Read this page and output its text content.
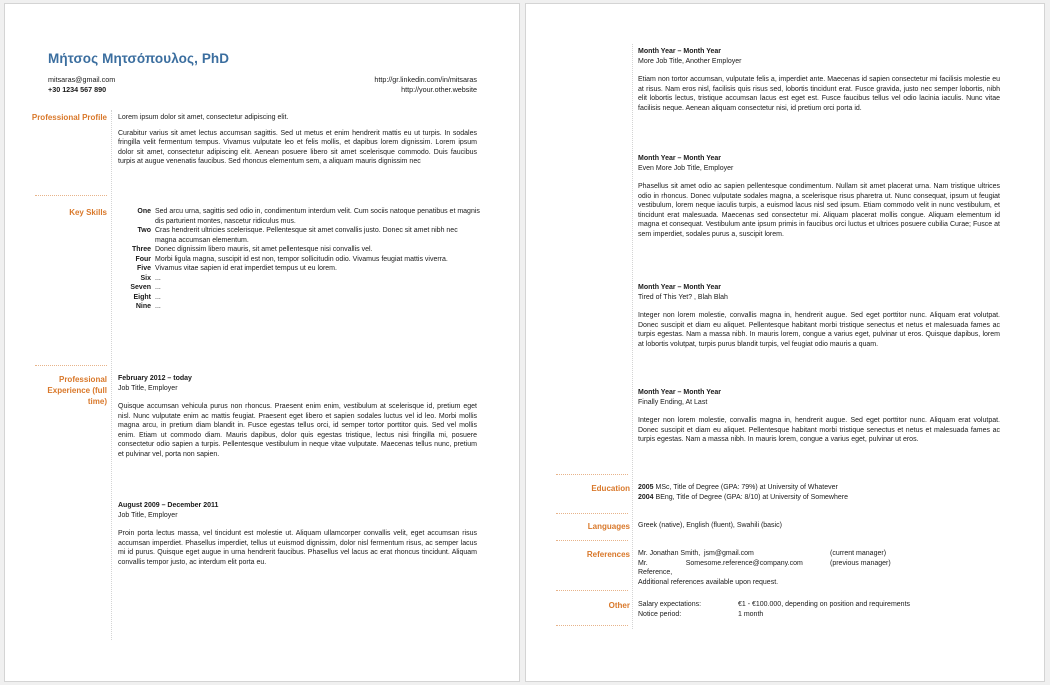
Μήτσος Μητσόπουλος, PhD
mitsaras@gmail.com
+30 1234 567 890
http://gr.linkedin.com/in/mitsaras
http://your.other.website
Professional Profile Lorem ipsum dolor sit amet, consectetur adipiscing elit.

Curabitur varius sit amet lectus accumsan sagittis. Sed ut metus et enim hendrerit mattis eu ut turpis. In sodales fringilla velit fermentum tempus. Vivamus vulputate leo et felis mollis, et dapibus lorem dignissim. Lorem ipsum dolor sit amet, consectetur adipiscing elit. Aenean posuere libero sit amet scelerisque commodo. Duis faucibus turpis at augue venenatis faucibus. Sed rhoncus elementum sem, a aliquam mauris dignissim nec

Key Skills	One Sed arcu urna, sagittis sed odio in, condimentum interdum velit. Cum sociis natoque penatibus et magnis dis parturient montes, nascetur ridiculus mus.
Two Cras hendrerit ultricies scelerisque. Pellentesque sit amet convallis justo. Donec sit amet nibh nec magna accumsan elementum.
Three Donec dignissim libero mauris, sit amet pellentesque nisi convallis vel.
Four Morbi ligula magna, suscipit id est non, tempor sollicitudin odio. Vivamus feugiat mattis viverra.
Five Vivamus vitae sapien id erat imperdiet tempus ut eu lorem.
Six ...
Seven ...
Eight ...
Nine ...
Professional Experience (full time)
February 2012 – today
Job Title, Employer

Quisque accumsan vehicula purus non rhoncus. Praesent enim enim, vestibulum at scelerisque id, pretium eget nisl. Nunc vulputate enim ac mattis feugiat. Praesent eget libero et sapien sodales luctus vel id leo. Morbi mollis magna arcu, in pretium diam blandit in. Fusce egestas tellus orci, id semper tortor porttitor quis. Sed vel mollis enim. Etiam ut commodo diam. Mauris dapibus, dolor quis egestas tristique, lectus nisi fringilla mi, posuere consectetur odio sapien a turpis. Pellentesque vestibulum in neque vitae vulputate. Maecenas tellus nunc, pretium et pulvinar vel, porta non sapien.

August 2009 – December 2011
Job Title, Employer

Proin porta lectus massa, vel tincidunt est molestie ut. Aliquam ullamcorper convallis velit, eget accumsan risus accumsan imperdiet. Phasellus imperdiet, tellus ut euismod dignissim, dolor nisl fermentum risus, ac semper lacus mi id purus. Quisque eget augue in urna hendrerit faucibus. Phasellus vel lacus ac erat rhoncus tincidunt. Aliquam convallis tempor justo, ac interdum elit porta eu.

Month Year – Month Year
More Job Title, Another Employer

Etiam non tortor accumsan, vulputate felis a, imperdiet ante. Maecenas id sapien consectetur mi facilisis molestie eu at risus. Nam eros nisl, facilisis quis risus sed, lobortis tincidunt erat. Fusce gravida, justo nec semper lobortis, nibh elit lobortis lectus, tristique accumsan lacus est eget est. Fusce faucibus tellus vel odio lacinia iaculis. Nunc vitae facilisis neque. Aenean aliquam consectetur nisi, id pretium orci porta id.

Month Year – Month Year
Even More Job Title, Employer

Phasellus sit amet odio ac sapien pellentesque condimentum. Nullam sit amet placerat urna. Nam tristique ultrices odio in rhoncus. Donec vulputate sodales magna, a scelerisque risus pharetra ut. Nunc consequat, ipsum ut feugiat vestibulum, lorem neque iaculis turpis, a euismod lacus nisl sed ipsum. Etiam commodo velit in nunc vestibulum, et tincidunt erat malesuada. Maecenas sed consectetur mi. Aliquam placerat mollis congue. Aliquam elementum id magna et consequat. Vestibulum ante ipsum primis in faucibus orci luctus et ultrices posuere cubilia Curae; Fusce at sem imperdiet, sodales purus a, suscipit lorem.

Month Year – Month Year
Tired of This Yet? , Blah Blah

Integer non lorem molestie, convallis magna in, hendrerit augue. Sed eget porttitor nunc. Aliquam erat volutpat. Donec suscipit et diam eu aliquet. Pellentesque habitant morbi tristique senectus et netus et malesuada fames ac turpis egestas. Nam a massa nibh. In mauris lorem, congue a varius eget, pulvinar ut eros. Quisque dapibus, lorem at lobortis volutpat, turpis purus blandit turpis, vel feugiat odio mauris a quam.

Month Year – Month Year
Finally Ending, At Last

Integer non lorem molestie, convallis magna in, hendrerit augue. Sed eget porttitor nunc. Aliquam erat volutpat. Donec suscipit et diam eu aliquet. Pellentesque habitant morbi tristique senectus et netus et malesuada fames ac turpis egestas. Nam a massa nibh. In mauris lorem, congue a varius eget, pulvinar ut eros.

Education 2005 MSc, Title of Degree (GPA: 79%) at University of Whatever
2004 BEng, Title of Degree (GPA: 8/10) at University of Somewhere
Languages Greek (native), English (fluent), Swahili (basic)
References Mr. Jonathan Smith, jsm@gmail.com	(current manager)
Mr. Some Reference,
some.reference@company.com	(previous manager)
Additional references available upon request.
Other Salary expectations:	€1 - €100.000, depending on position and requirements
Notice period:	1 month
